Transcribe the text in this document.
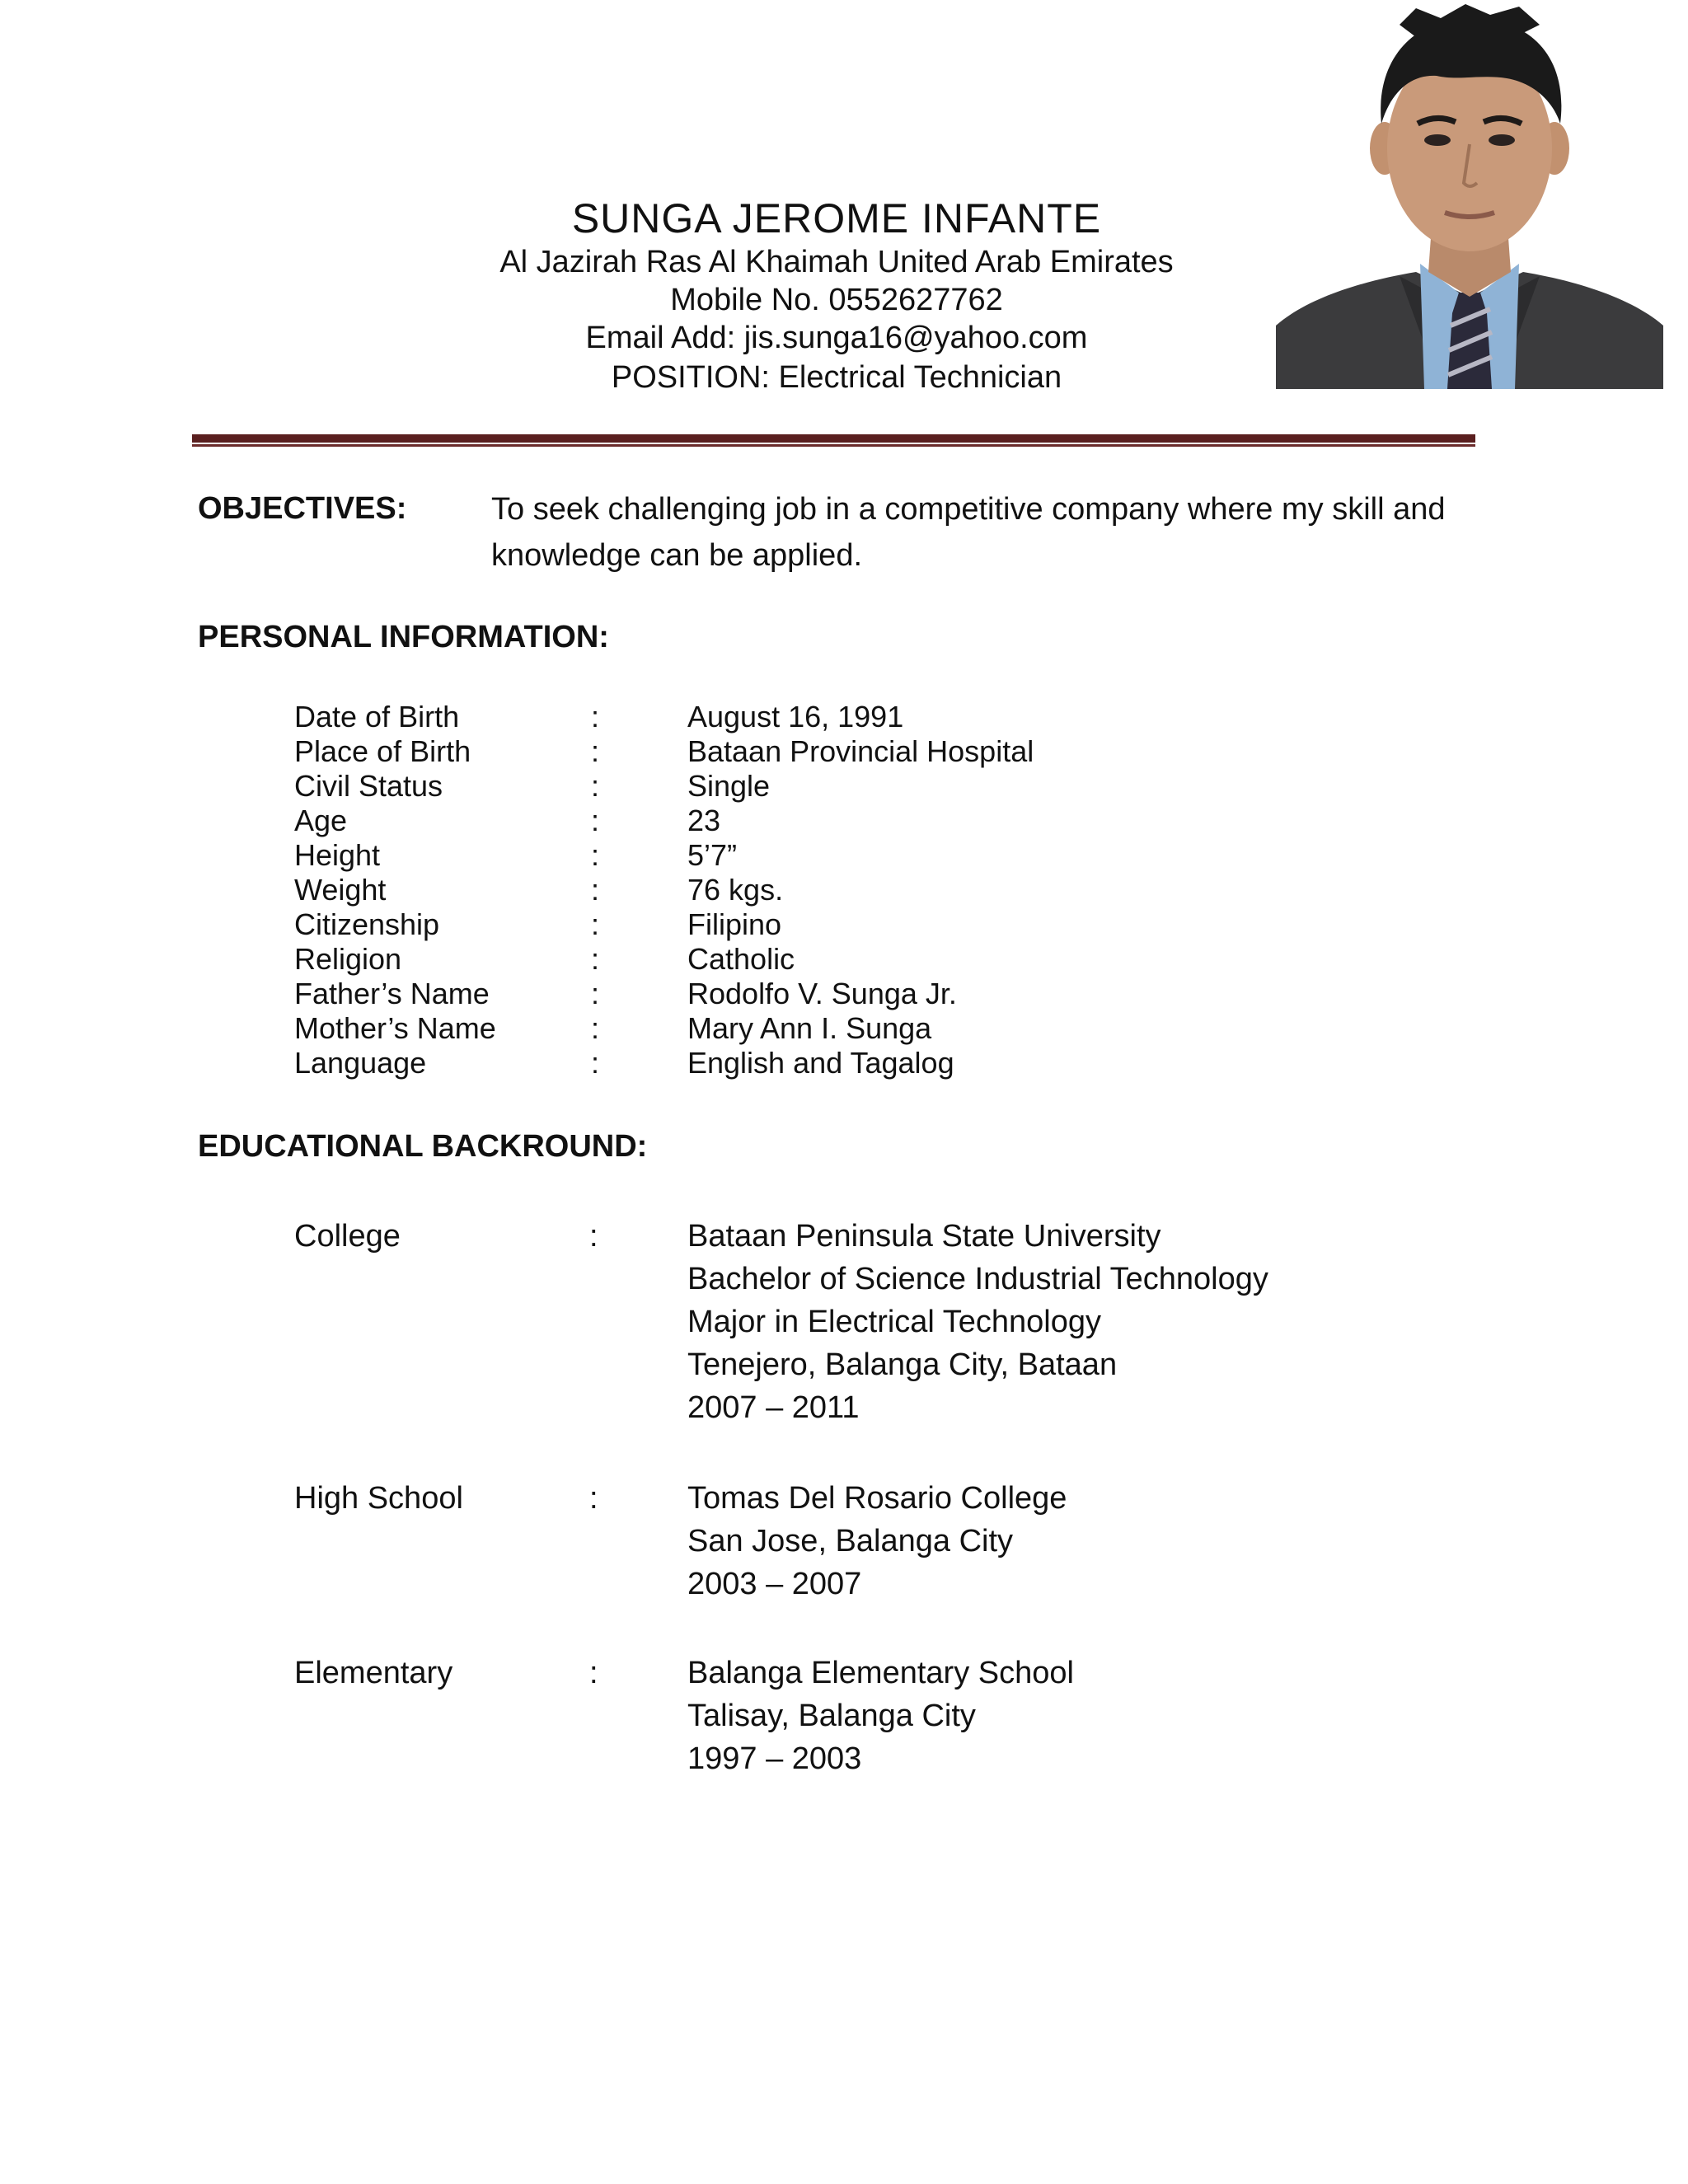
SUNGA JEROME INFANTE

Al Jazirah Ras Al Khaimah United Arab Emirates

Mobile No. 0552627762

Email Add: jis.sunga16@yahoo.com

POSITION: Electrical Technician

OBJECTIVES:	To seek challenging job in a competitive company where my skill and knowledge can be applied.

PERSONAL INFORMATION:
Date of Birth	:	August 16, 1991
Place of Birth	:	Bataan Provincial Hospital
Civil Status	:	Single
Age	:	23
Height	:	5’7”
Weight	:	76 kgs.
Citizenship	:	Filipino
Religion	:	Catholic
Father’s Name	:	Rodolfo V. Sunga Jr.
Mother’s Name	:	Mary Ann I. Sunga
Language	:	English and Tagalog
EDUCATIONAL BACKROUND:
College	:	Bataan Peninsula State University
Bachelor of Science Industrial Technology
Major in Electrical Technology
Tenejero, Balanga City, Bataan
2007 – 2011
High School	:	Tomas Del Rosario College
San Jose, Balanga City
2003 – 2007
Elementary	:	Balanga Elementary School
Talisay, Balanga City
1997 – 2003
